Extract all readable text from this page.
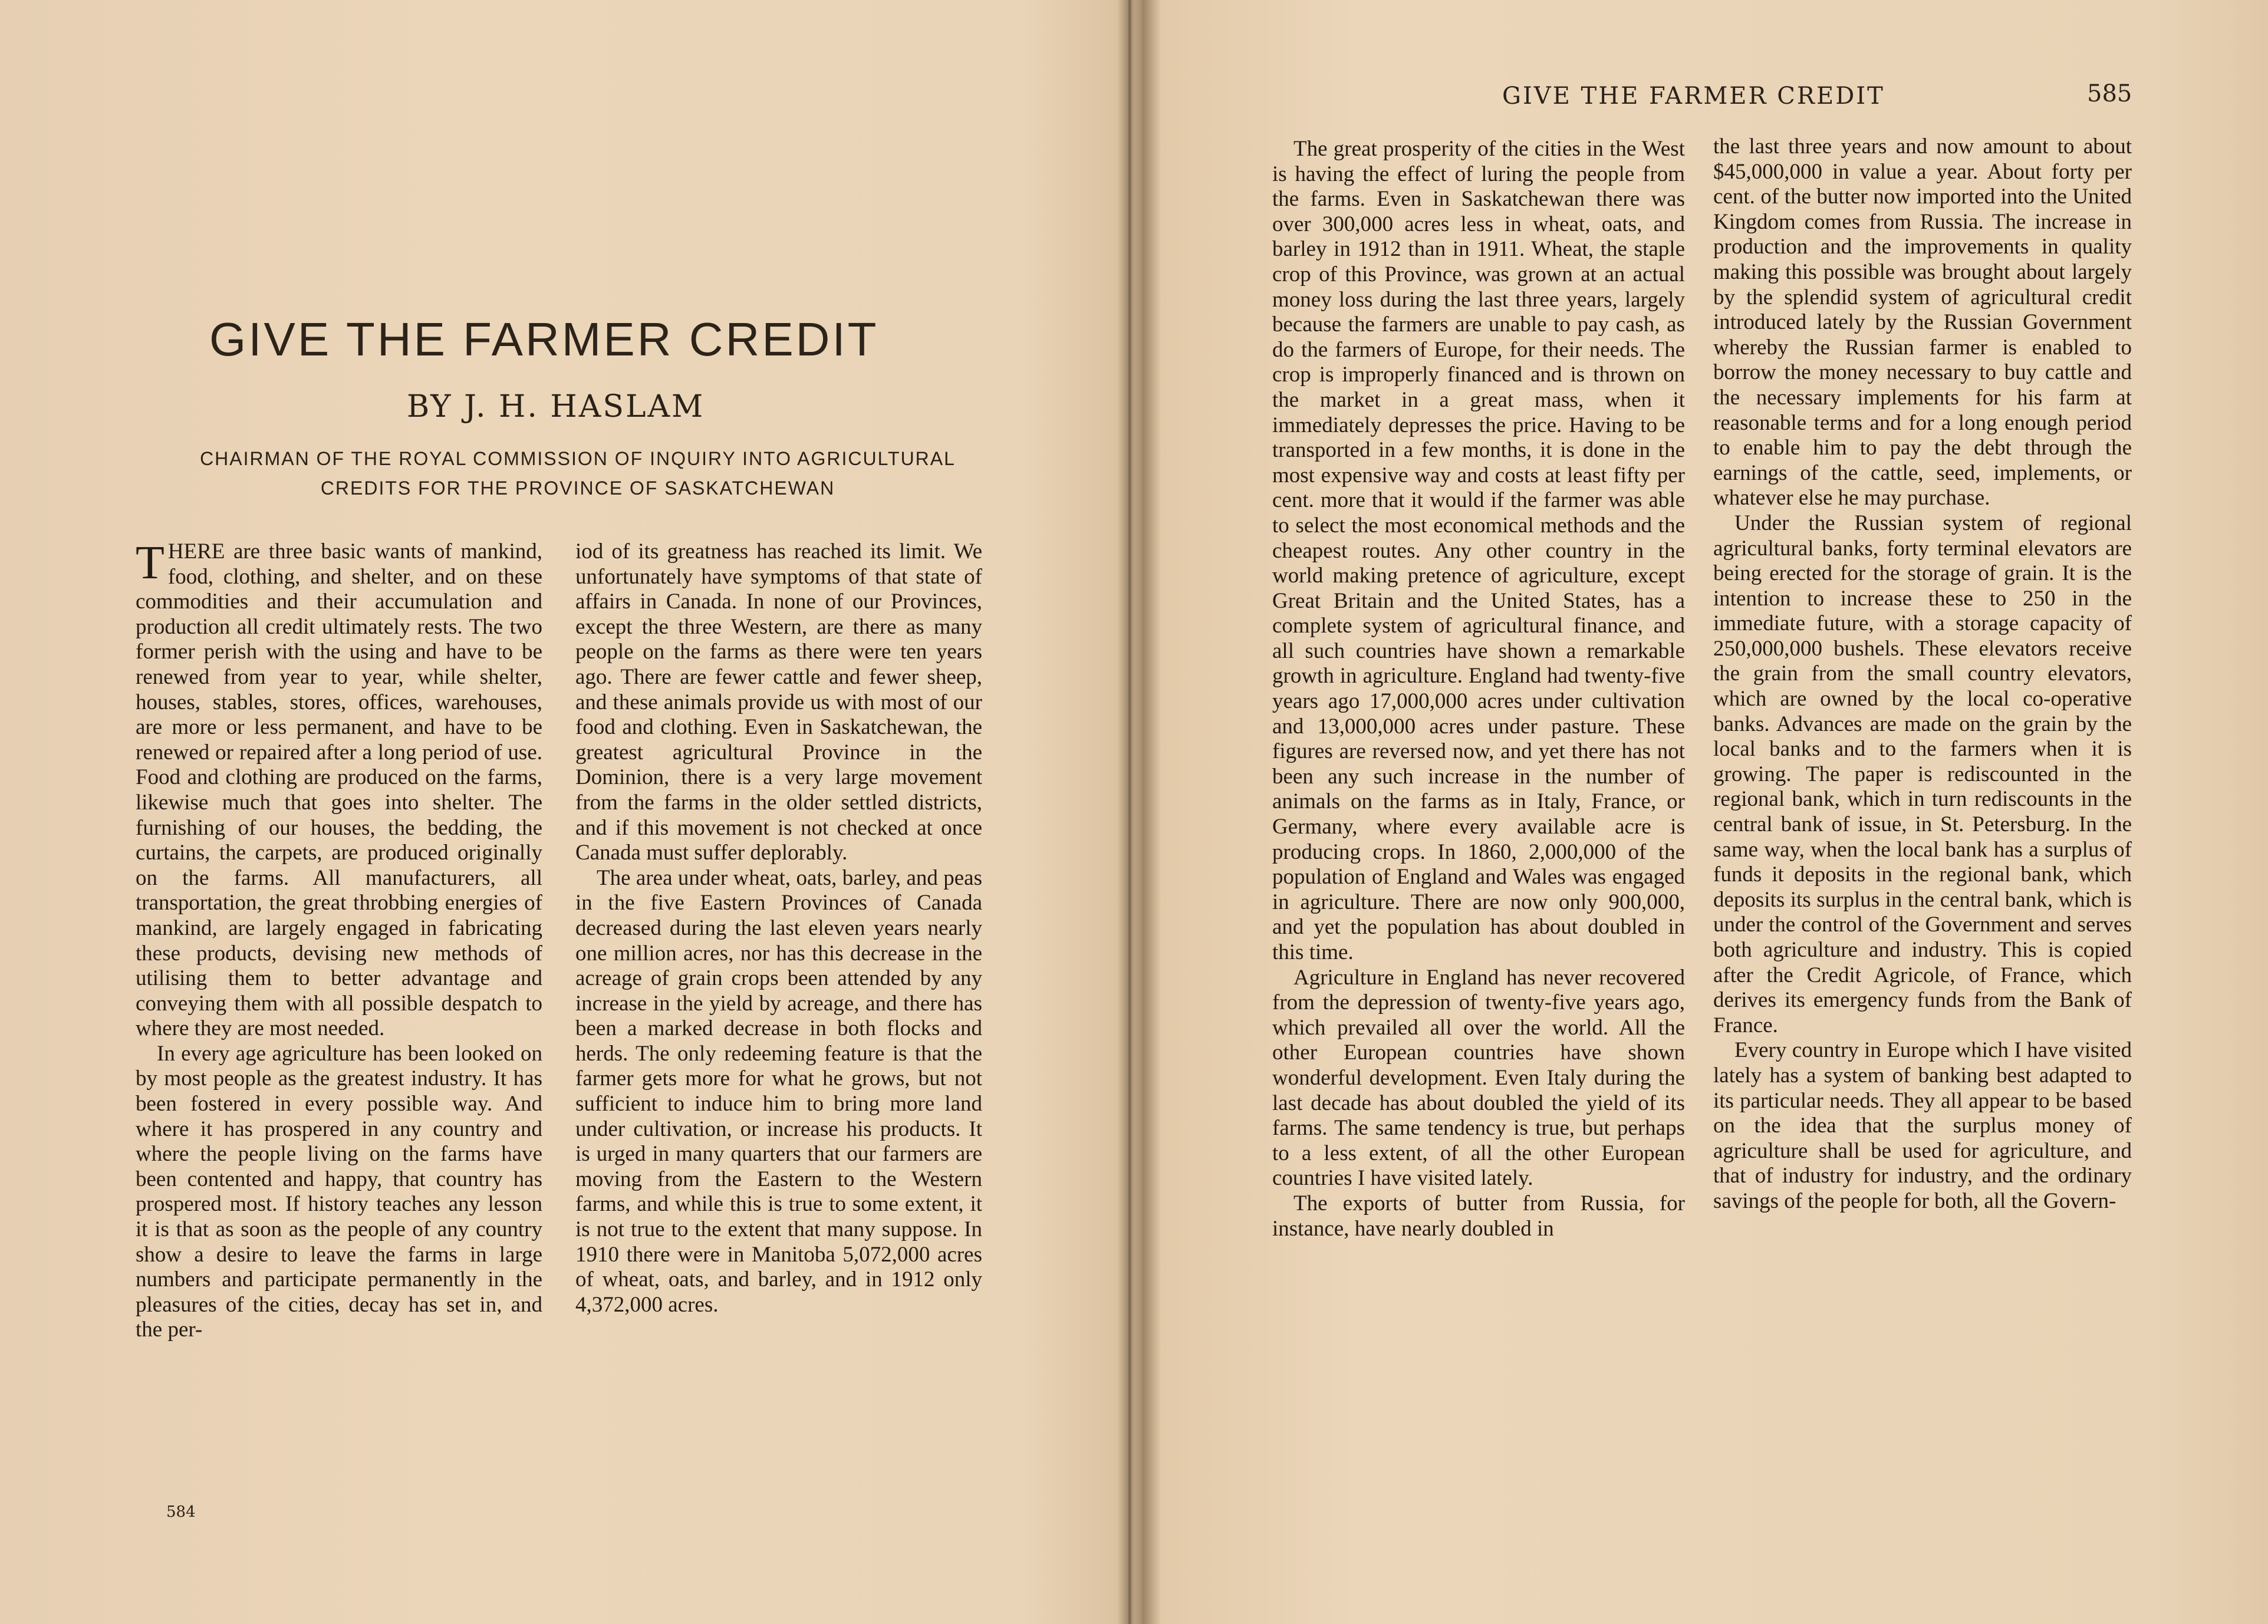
GIVE THE FARMER CREDIT
BY J. H. HASLAM
CHAIRMAN OF THE ROYAL COMMISSION OF INQUIRY INTO AGRICULTURAL
CREDITS FOR THE PROVINCE OF SASKATCHEWAN

THERE are three basic wants of mankind, food, clothing, and shelter, and on these commodities and their accumulation and production all credit ultimately rests. The two former perish with the using and have to be renewed from year to year, while shelter, houses, stables, stores, offices, warehouses, are more or less permanent, and have to be renewed or repaired after a long period of use. Food and clothing are produced on the farms, likewise much that goes into shelter. The furnishing of our houses, the bedding, the curtains, the carpets, are produced originally on the farms. All manufacturers, all transportation, the great throbbing energies of mankind, are largely engaged in fabricating these products, devising new methods of utilising them to better advantage and conveying them with all possible despatch to where they are most needed.

In every age agriculture has been looked on by most people as the greatest industry. It has been fostered in every possible way. And where it has prospered in any country and where the people living on the farms have been contented and happy, that country has prospered most. If history teaches any lesson it is that as soon as the people of any country show a desire to leave the farms in large numbers and participate permanently in the pleasures of the cities, decay has set in, and the per-

iod of its greatness has reached its limit. We unfortunately have symptoms of that state of affairs in Canada. In none of our Provinces, except the three Western, are there as many people on the farms as there were ten years ago. There are fewer cattle and fewer sheep, and these animals provide us with most of our food and clothing. Even in Saskatchewan, the greatest agricultural Province in the Dominion, there is a very large movement from the farms in the older settled districts, and if this movement is not checked at once Canada must suffer deplorably.

The area under wheat, oats, barley, and peas in the five Eastern Provinces of Canada decreased during the last eleven years nearly one million acres, nor has this decrease in the acreage of grain crops been attended by any increase in the yield by acreage, and there has been a marked decrease in both flocks and herds. The only redeeming feature is that the farmer gets more for what he grows, but not sufficient to induce him to bring more land under cultivation, or increase his products. It is urged in many quarters that our farmers are moving from the Eastern to the Western farms, and while this is true to some extent, it is not true to the extent that many suppose. In 1910 there were in Manitoba 5,072,000 acres of wheat, oats, and barley, and in 1912 only 4,372,000 acres.

584
GIVE THE FARMER CREDIT	585

The great prosperity of the cities in the West is having the effect of luring the people from the farms. Even in Saskatchewan there was over 300,000 acres less in wheat, oats, and barley in 1912 than in 1911. Wheat, the staple crop of this Province, was grown at an actual money loss during the last three years, largely because the farmers are unable to pay cash, as do the farmers of Europe, for their needs. The crop is improperly financed and is thrown on the market in a great mass, when it immediately depresses the price. Having to be transported in a few months, it is done in the most expensive way and costs at least fifty per cent. more that it would if the farmer was able to select the most economical methods and the cheapest routes. Any other country in the world making pretence of agriculture, except Great Britain and the United States, has a complete system of agricultural finance, and all such countries have shown a remarkable growth in agriculture. England had twenty-five years ago 17,000,000 acres under cultivation and 13,000,000 acres under pasture. These figures are reversed now, and yet there has not been any such increase in the number of animals on the farms as in Italy, France, or Germany, where every available acre is producing crops. In 1860, 2,000,000 of the population of England and Wales was engaged in agriculture. There are now only 900,000, and yet the population has about doubled in this time.

Agriculture in England has never recovered from the depression of twenty-five years ago, which prevailed all over the world. All the other European countries have shown wonderful development. Even Italy during the last decade has about doubled the yield of its farms. The same tendency is true, but perhaps to a less extent, of all the other European countries I have visited lately.

The exports of butter from Russia, for instance, have nearly doubled in

the last three years and now amount to about $45,000,000 in value a year. About forty per cent. of the butter now imported into the United Kingdom comes from Russia. The increase in production and the improvements in quality making this possible was brought about largely by the splendid system of agricultural credit introduced lately by the Russian Government whereby the Russian farmer is enabled to borrow the money necessary to buy cattle and the necessary implements for his farm at reasonable terms and for a long enough period to enable him to pay the debt through the earnings of the cattle, seed, implements, or whatever else he may purchase.

Under the Russian system of regional agricultural banks, forty terminal elevators are being erected for the storage of grain. It is the intention to increase these to 250 in the immediate future, with a storage capacity of 250,000,000 bushels. These elevators receive the grain from the small country elevators, which are owned by the local co-operative banks. Advances are made on the grain by the local banks and to the farmers when it is growing. The paper is rediscounted in the regional bank, which in turn rediscounts in the central bank of issue, in St. Petersburg. In the same way, when the local bank has a surplus of funds it deposits in the regional bank, which deposits its surplus in the central bank, which is under the control of the Government and serves both agriculture and industry. This is copied after the Credit Agricole, of France, which derives its emergency funds from the Bank of France.

Every country in Europe which I have visited lately has a system of banking best adapted to its particular needs. They all appear to be based on the idea that the surplus money of agriculture shall be used for agriculture, and that of industry for industry, and the ordinary savings of the people for both, all the Govern-
